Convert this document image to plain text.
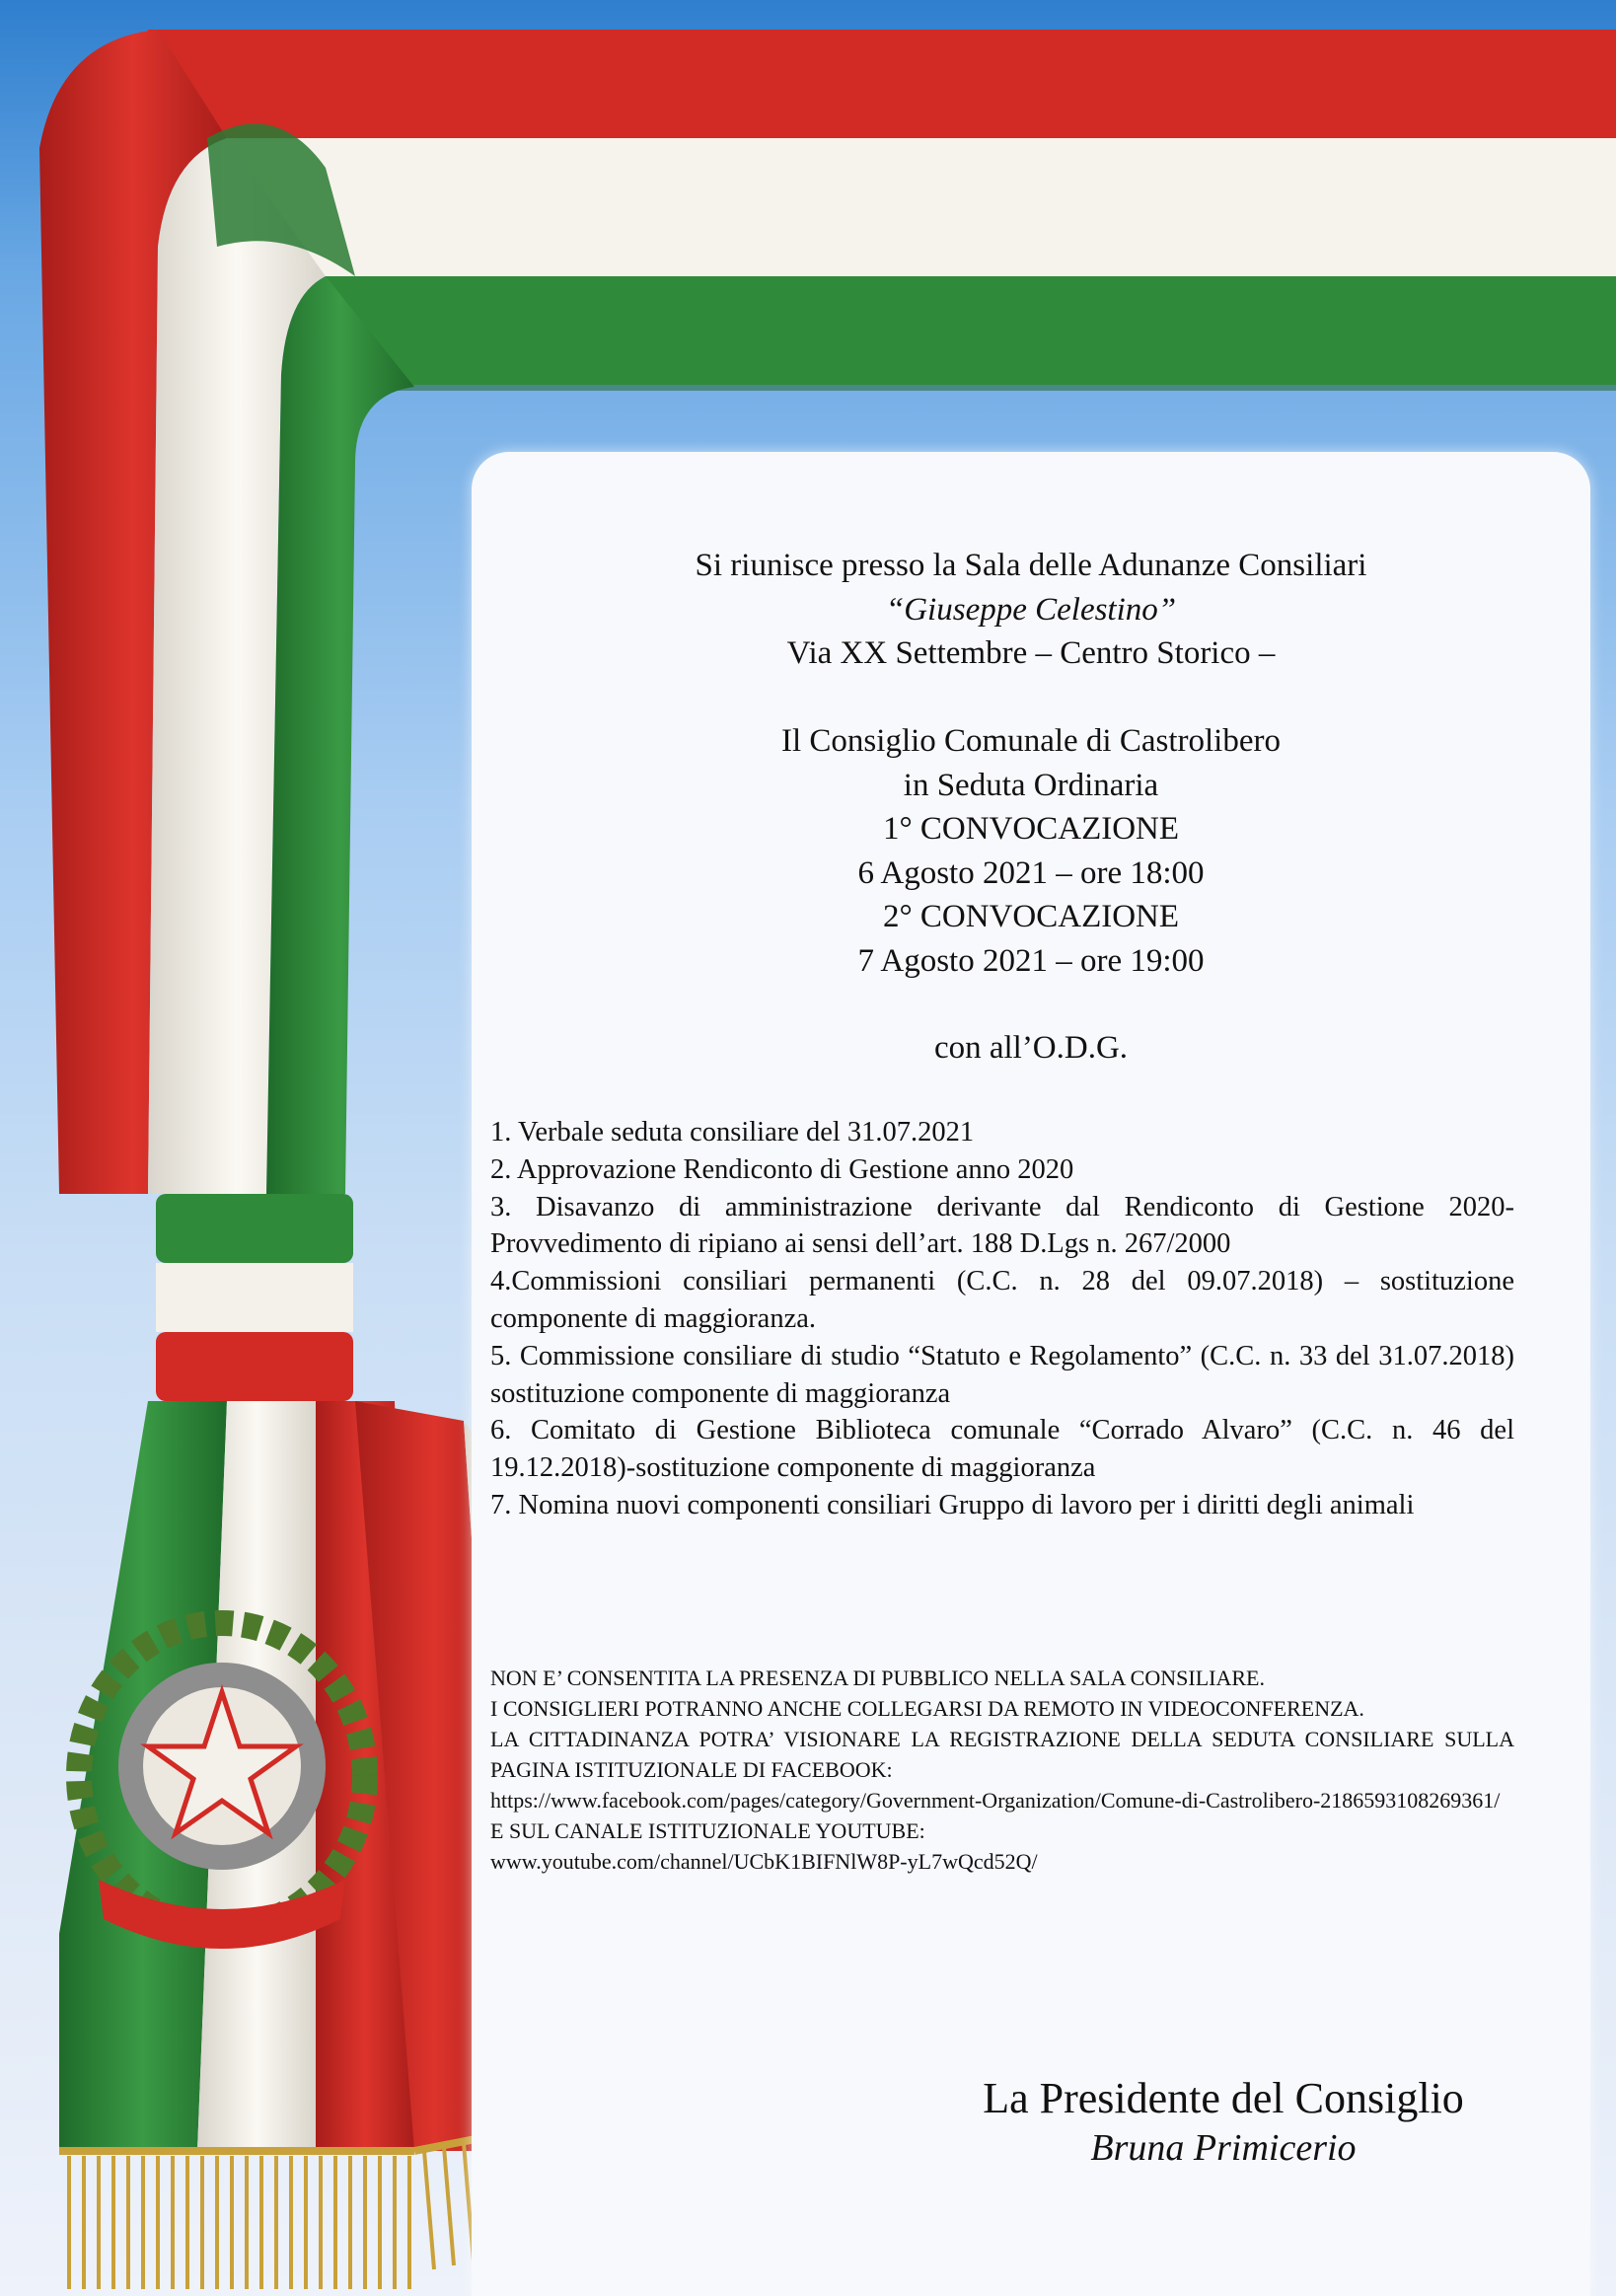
Si riunisce presso la Sala delle Adunanze Consiliari
“Giuseppe Celestino”
Via XX Settembre – Centro Storico –
Il Consiglio Comunale di Castrolibero
in Seduta Ordinaria
1° CONVOCAZIONE
6 Agosto 2021 – ore 18:00
2° CONVOCAZIONE
7 Agosto 2021 – ore 19:00
con all’O.D.G.

1. Verbale seduta consiliare del 31.07.2021

2. Approvazione Rendiconto di Gestione anno 2020

3. Disavanzo di amministrazione derivante dal Rendiconto di Gestione 2020- Provvedimento di ripiano ai sensi dell’art. 188 D.Lgs n. 267/2000

4.Commissioni consiliari permanenti (C.C. n. 28 del 09.07.2018) – sostituzione componente di maggioranza.

5. Commissione consiliare di studio “Statuto e Regolamento” (C.C. n. 33 del 31.07.2018) sostituzione componente di maggioranza

6. Comitato di Gestione Biblioteca comunale “Corrado Alvaro” (C.C. n. 46 del 19.12.2018)-sostituzione componente di maggioranza

7. Nomina nuovi componenti consiliari Gruppo di lavoro per i diritti degli animali

NON E’ CONSENTITA LA PRESENZA DI PUBBLICO NELLA SALA CONSILIARE.

I CONSIGLIERI POTRANNO ANCHE COLLEGARSI DA REMOTO IN VIDEOCONFERENZA.

LA CITTADINANZA POTRA’ VISIONARE LA REGISTRAZIONE DELLA SEDUTA CONSILIARE SULLA PAGINA ISTITUZIONALE DI FACEBOOK:

https://www.facebook.com/pages/category/Government-Organization/Comune-di-Castrolibero-2186593108269361/

E SUL CANALE ISTITUZIONALE YOUTUBE:

www.youtube.com/channel/UCbK1BIFNlW8P-yL7wQcd52Q/

La Presidente del Consiglio
Bruna Primicerio
